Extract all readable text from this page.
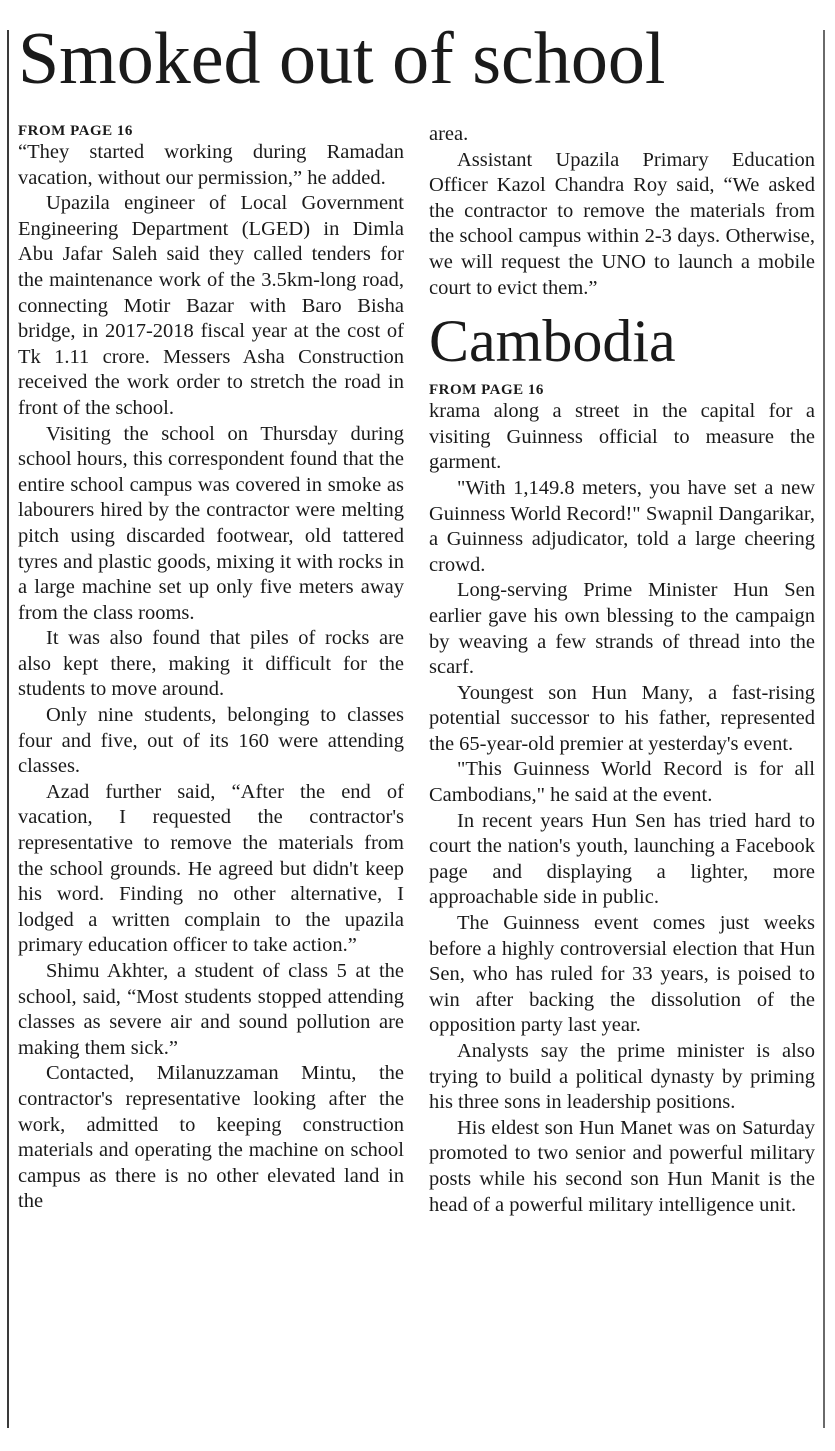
Smoked out of school

FROM PAGE 16

“They started working during Ramadan vacation, without our permission,” he added.

Upazila engineer of Local Government Engineering Department (LGED) in Dimla Abu Jafar Saleh said they called tenders for the maintenance work of the 3.5km-long road, connecting Motir Bazar with Baro Bisha bridge, in 2017-2018 fiscal year at the cost of Tk 1.11 crore. Messers Asha Construction received the work order to stretch the road in front of the school.

Visiting the school on Thursday during school hours, this correspondent found that the entire school campus was covered in smoke as labourers hired by the contractor were melting pitch using discarded footwear, old tattered tyres and plastic goods, mixing it with rocks in a large machine set up only five meters away from the class rooms.

It was also found that piles of rocks are also kept there, making it difficult for the students to move around.

Only nine students, belonging to classes four and five, out of its 160 were attending classes.

Azad further said, “After the end of vacation, I requested the contractor's representative to remove the materials from the school grounds. He agreed but didn't keep his word. Finding no other alternative, I lodged a written complain to the upazila primary education officer to take action.”

Shimu Akhter, a student of class 5 at the school, said, “Most students stopped attending classes as severe air and sound pollution are making them sick.”

Contacted, Milanuzzaman Mintu, the contractor's representative looking after the work, admitted to keeping construction materials and operating the machine on school campus as there is no other elevated land in the

area.

Assistant Upazila Primary Education Officer Kazol Chandra Roy said, “We asked the contractor to remove the materials from the school campus within 2-3 days. Otherwise, we will request the UNO to launch a mobile court to evict them.”

Cambodia

FROM PAGE 16

krama along a street in the capital for a visiting Guinness official to measure the garment.

"With 1,149.8 meters, you have set a new Guinness World Record!" Swapnil Dangarikar, a Guinness adjudicator, told a large cheering crowd.

Long-serving Prime Minister Hun Sen earlier gave his own blessing to the campaign by weaving a few strands of thread into the scarf.

Youngest son Hun Many, a fast-rising potential successor to his father, represented the 65-year-old premier at yesterday's event.

"This Guinness World Record is for all Cambodians," he said at the event.

In recent years Hun Sen has tried hard to court the nation's youth, launching a Facebook page and displaying a lighter, more approachable side in public.

The Guinness event comes just weeks before a highly controversial election that Hun Sen, who has ruled for 33 years, is poised to win after backing the dissolution of the opposition party last year.

Analysts say the prime minister is also trying to build a political dynasty by priming his three sons in leadership positions.

His eldest son Hun Manet was on Saturday promoted to two senior and powerful military posts while his second son Hun Manit is the head of a powerful military intelligence unit.
